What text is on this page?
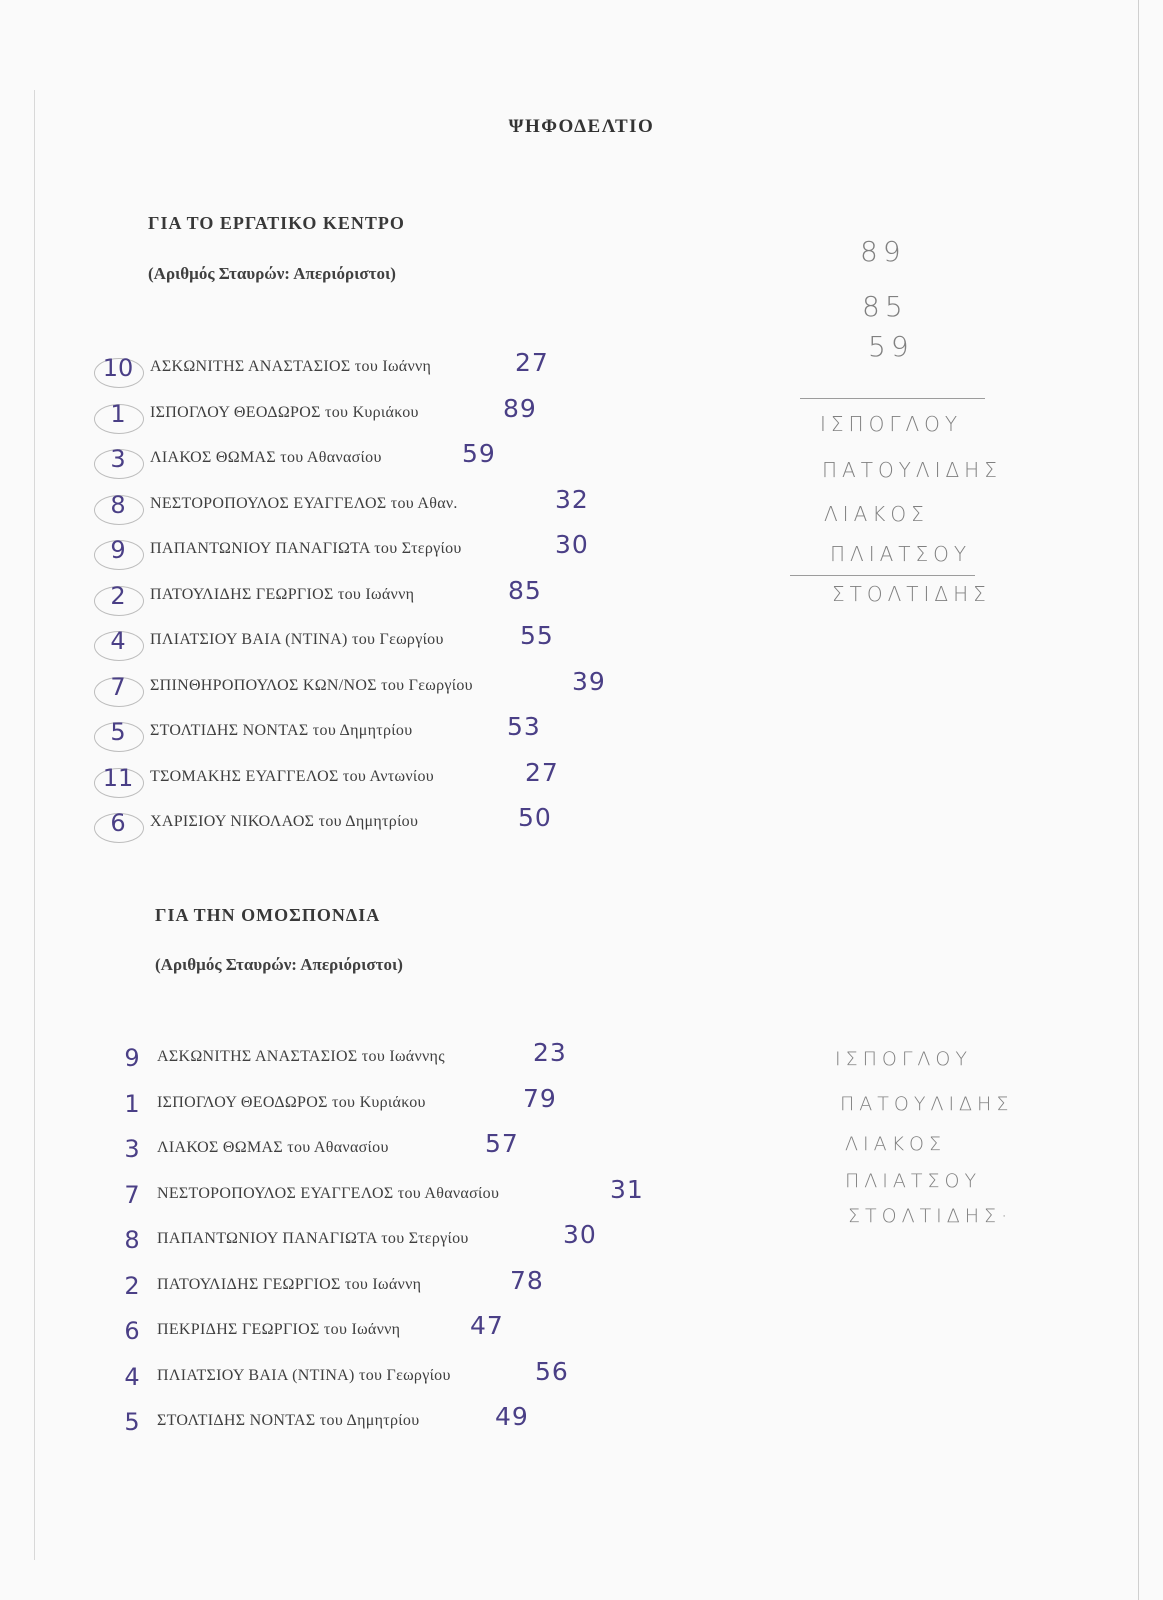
ΨΗΦΟΔΕΛΤΙΟ
ΓΙΑ ΤΟ ΕΡΓΑΤΙΚΟ ΚΕΝΤΡΟ
(Αριθμός Σταυρών: Απεριόριστοι)
10 ΑΣΚΩΝΙΤΗΣ ΑΝΑΣΤΑΣΙΟΣ του Ιωάννη	27
1	ΙΣΠΟΓΛΟΥ ΘΕΟΔΩΡΟΣ του Κυριάκου	89
3	ΛΙΑΚΟΣ ΘΩΜΑΣ του Αθανασίου	59
8	ΝΕΣΤΟΡΟΠΟΥΛΟΣ ΕΥΑΓΓΕΛΟΣ του Αθαν.	32
9	ΠΑΠΑΝΤΩΝΙΟΥ ΠΑΝΑΓΙΩΤΑ του Στεργίου	30
2	ΠΑΤΟΥΛΙΔΗΣ ΓΕΩΡΓΙΟΣ του Ιωάννη	85
4	ΠΛΙΑΤΣΙΟΥ ΒΑΙΑ (ΝΤΙΝΑ) του Γεωργίου	55
7	ΣΠΙΝΘΗΡΟΠΟΥΛΟΣ ΚΩΝ/ΝΟΣ του Γεωργίου	39
5	ΣΤΟΛΤΙΔΗΣ ΝΟΝΤΑΣ του Δημητρίου	53
11 ΤΣΟΜΑΚΗΣ ΕΥΑΓΓΕΛΟΣ του Αντωνίου	27
6	ΧΑΡΙΣΙΟΥ ΝΙΚΟΛΑΟΣ του Δημητρίου	50
ΓΙΑ ΤΗΝ ΟΜΟΣΠΟΝΔΙΑ
(Αριθμός Σταυρών: Απεριόριστοι)
9	ΑΣΚΩΝΙΤΗΣ ΑΝΑΣΤΑΣΙΟΣ του Ιωάννης	23
1	ΙΣΠΟΓΛΟΥ ΘΕΟΔΩΡΟΣ του Κυριάκου	79
3	ΛΙΑΚΟΣ ΘΩΜΑΣ του Αθανασίου	57
7	ΝΕΣΤΟΡΟΠΟΥΛΟΣ ΕΥΑΓΓΕΛΟΣ του Αθανασίου	31
8	ΠΑΠΑΝΤΩΝΙΟΥ ΠΑΝΑΓΙΩΤΑ του Στεργίου	30
2	ΠΑΤΟΥΛΙΔΗΣ ΓΕΩΡΓΙΟΣ του Ιωάννη	78
6	ΠΕΚΡΙΔΗΣ ΓΕΩΡΓΙΟΣ του Ιωάννη	47
4	ΠΛΙΑΤΣΙΟΥ ΒΑΙΑ (ΝΤΙΝΑ) του Γεωργίου	56
5	ΣΤΟΛΤΙΔΗΣ ΝΟΝΤΑΣ του Δημητρίου	49
89
85
59
ΙΣΠΟΓΛΟΥ
ΠΑΤΟΥΛΙΔΗΣ
ΛΙΑΚΟΣ
ΠΛΙΑΤΣΟΥ
ΣΤΟΛΤΙΔΗΣ
ΙΣΠΟΓΛΟΥ
ΠΑΤΟΥΛΙΔΗΣ
ΛΙΑΚΟΣ
ΠΛΙΑΤΣΟΥ
ΣΤΟΛΤΙΔΗΣ·
